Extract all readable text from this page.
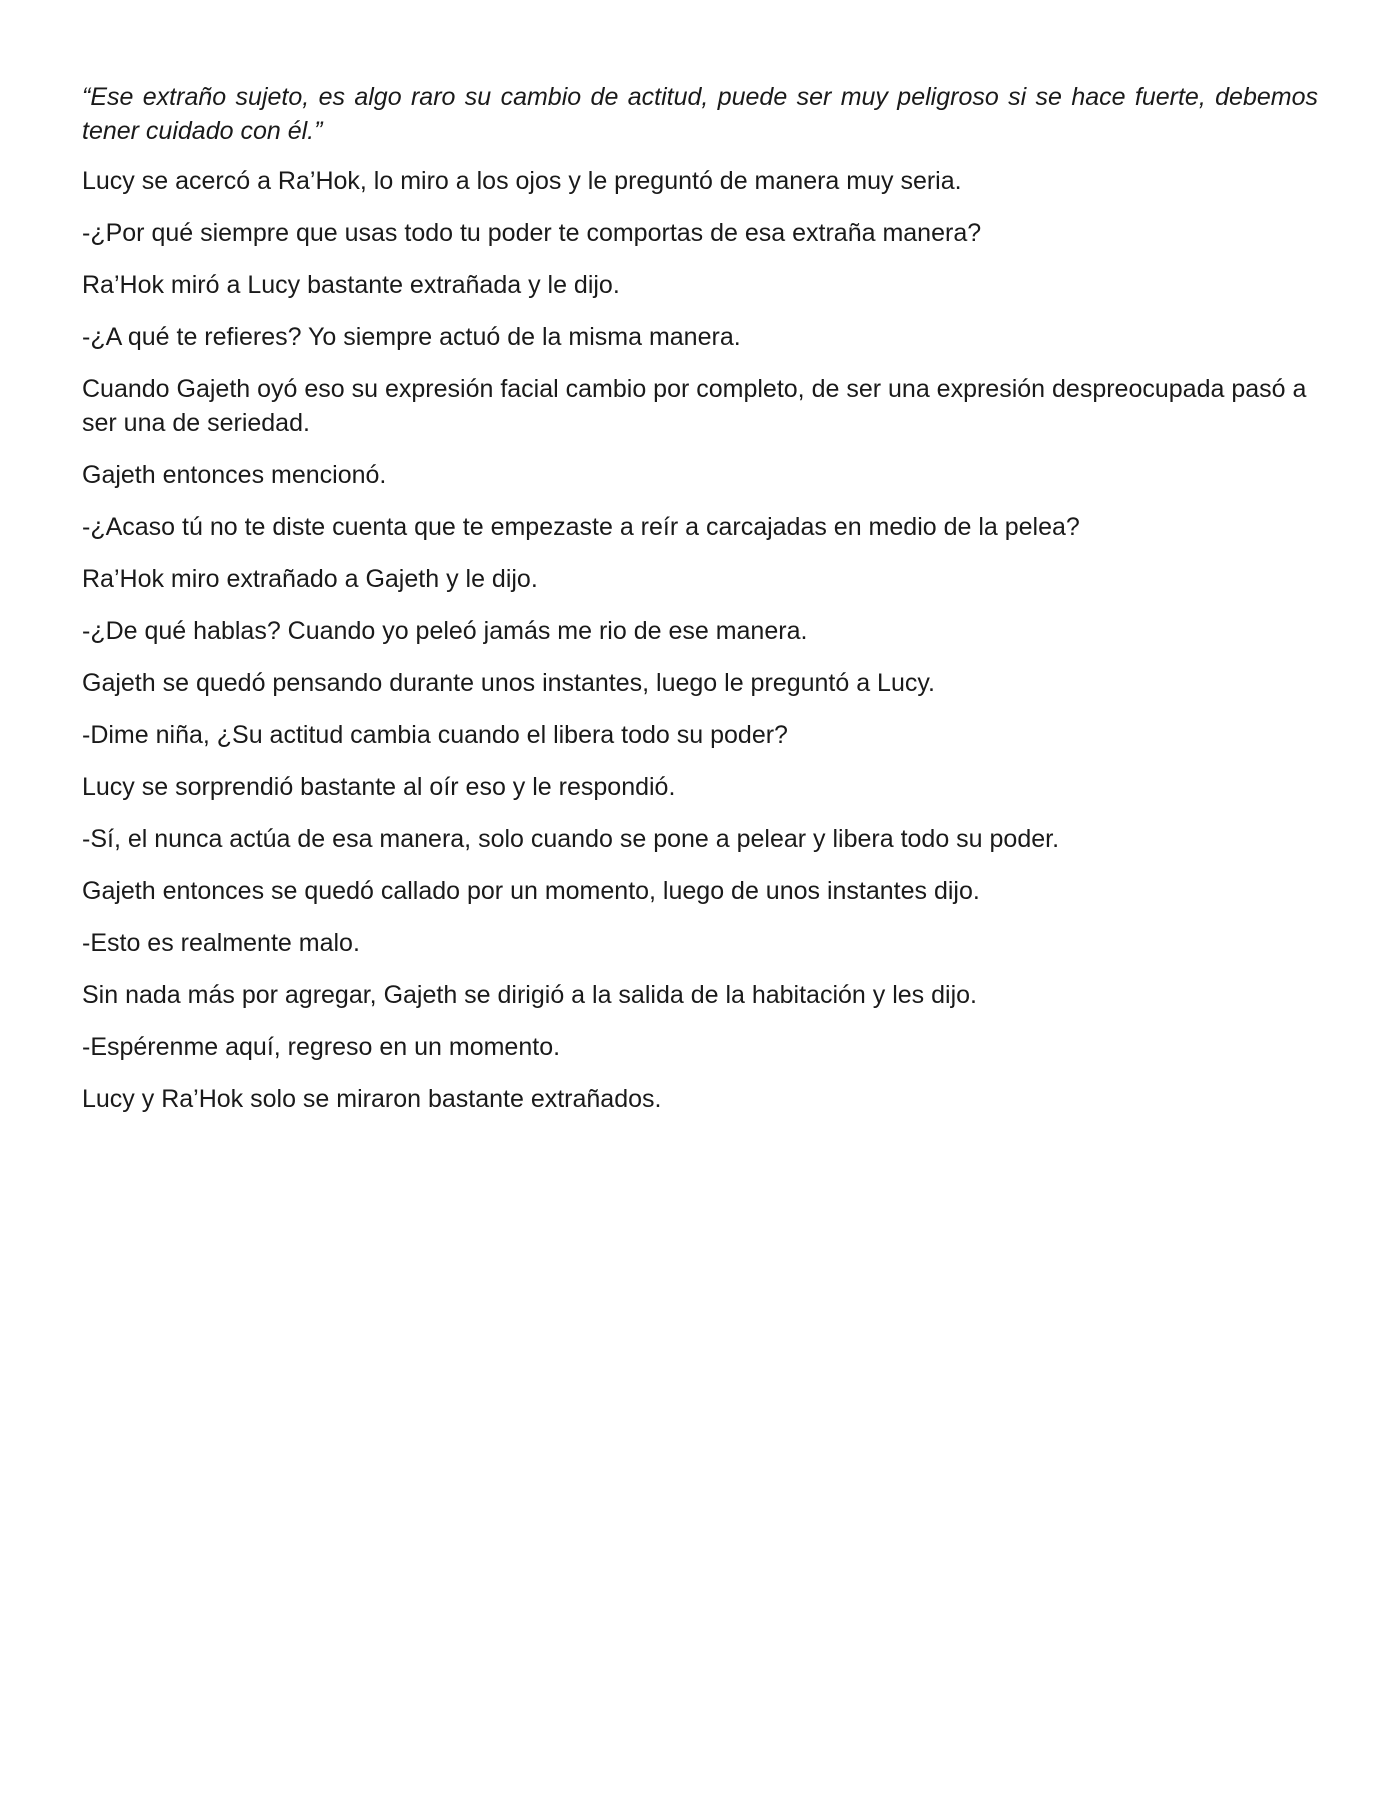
“Ese extraño sujeto, es algo raro su cambio de actitud, puede ser muy peligroso si se hace fuerte, debemos tener cuidado con él.”

Lucy se acercó a Ra’Hok, lo miro a los ojos y le preguntó de manera muy seria.

-¿Por qué siempre que usas todo tu poder te comportas de esa extraña manera?

Ra’Hok miró a Lucy bastante extrañada y le dijo.

-¿A qué te refieres? Yo siempre actuó de la misma manera.

Cuando Gajeth oyó eso su expresión facial cambio por completo, de ser una expresión despreocupada pasó a ser una de seriedad.

Gajeth entonces mencionó.

-¿Acaso tú no te diste cuenta que te empezaste a reír a carcajadas en medio de la pelea?

Ra’Hok miro extrañado a Gajeth y le dijo.

-¿De qué hablas? Cuando yo peleó jamás me rio de ese manera.

Gajeth se quedó pensando durante unos instantes, luego le preguntó a Lucy.

-Dime niña, ¿Su actitud cambia cuando el libera todo su poder?

Lucy se sorprendió bastante al oír eso y le respondió.

-Sí, el nunca actúa de esa manera, solo cuando se pone a pelear y libera todo su poder.

Gajeth entonces se quedó callado por un momento, luego de unos instantes dijo.

-Esto es realmente malo.

Sin nada más por agregar, Gajeth se dirigió a la salida de la habitación y les dijo.

-Espérenme aquí, regreso en un momento.

Lucy y Ra’Hok solo se miraron bastante extrañados.
